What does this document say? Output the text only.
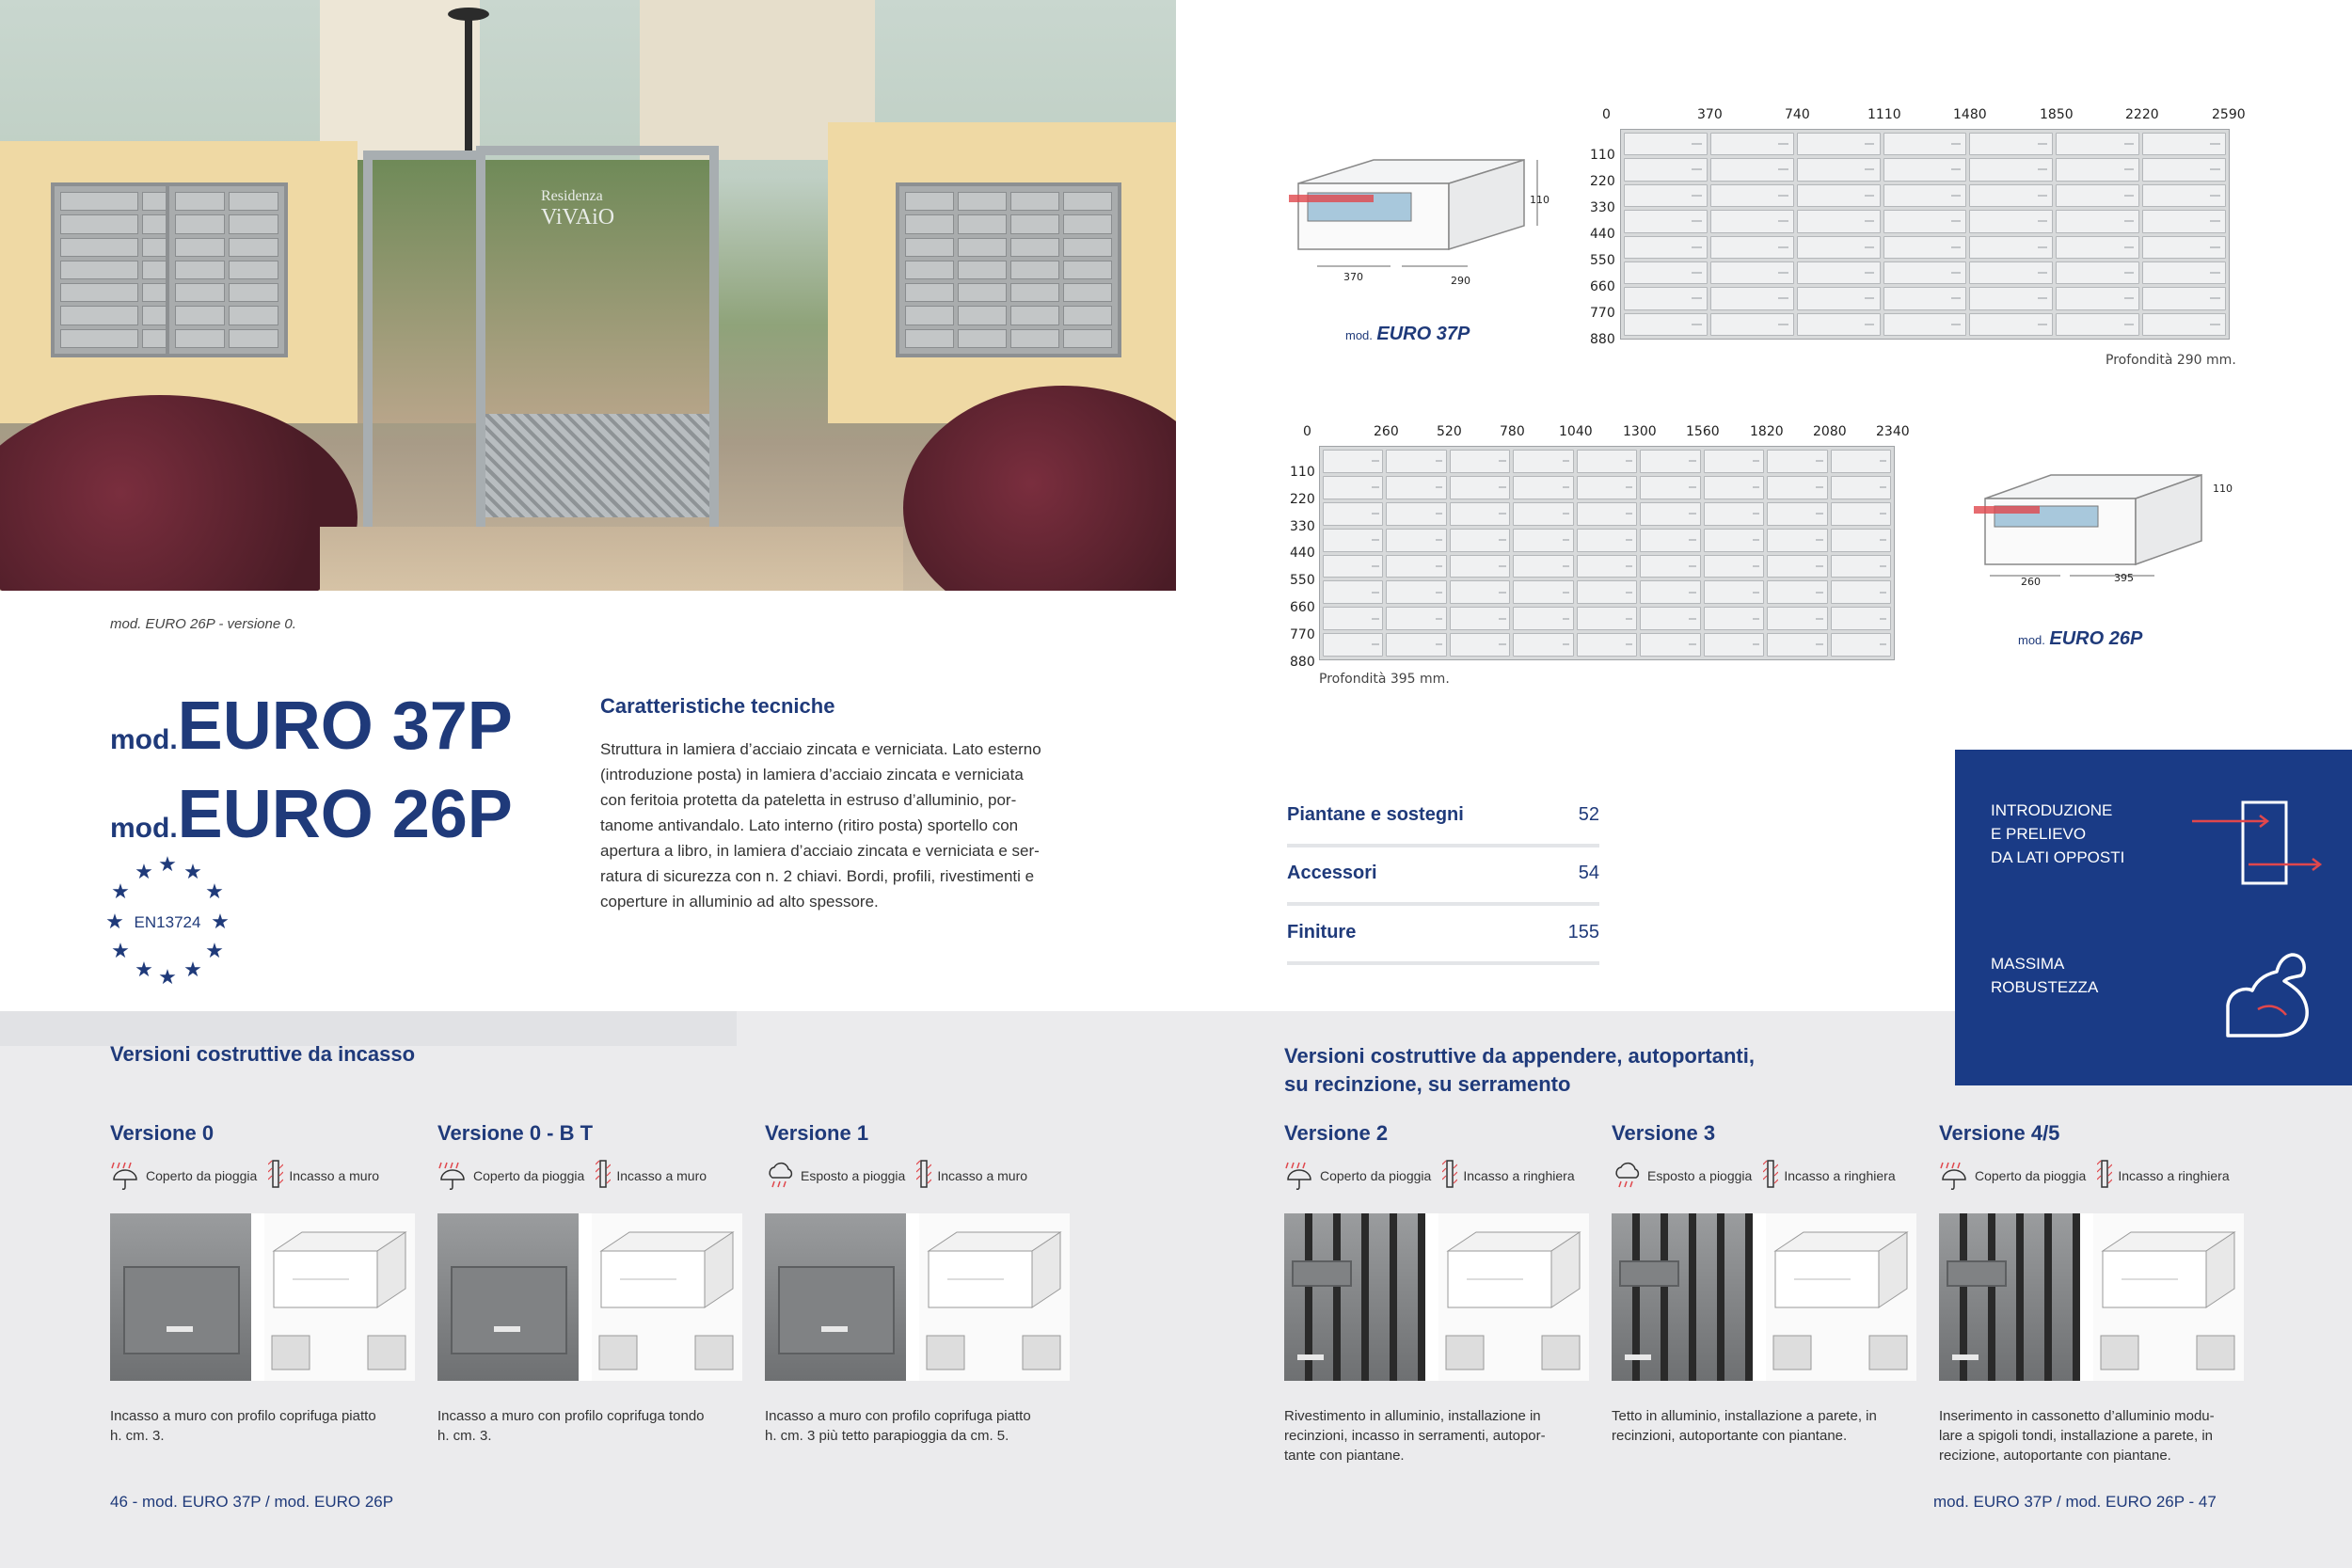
Residenza
ViVAiO
mod. EURO 26P - versione 0.
mod.EURO 37P
mod.EURO 26P
★ ★
★
★	★
★	★
★	★
★ ★
★
EN13724
Caratteristiche tecniche
Struttura in lamiera d’acciaio zincata e verniciata. Lato esterno
(introduzione posta) in lamiera d’acciaio zincata e verniciata
con feritoia protetta da pateletta in estruso d’alluminio, por-
tanome antivandalo. Lato interno (ritiro posta) sportello con
apertura a libro, in lamiera d’acciaio zincata e verniciata e ser-
ratura di sicurezza con n. 2 chiavi. Bordi, profili, rivestimenti e
coperture in alluminio ad alto spessore.
0	370	740	1110	1480	1850	2220	2590
110
220
330
440
550
660
770
880
Profondità 290 mm.
370	290
110
mod. EURO 37P
0	260	520	780	1040 1300 1560 1820 2080 2340
110
220
330
440
550
660
770
880
Profondità 395 mm.
260	395
110
mod. EURO 26P
Piantane e sostegni	52
Accessori	54
Finiture	155
INTRODUZIONE
E PRELIEVO
DA LATI OPPOSTI
MASSIMA
ROBUSTEZZA
Versioni costruttive da incasso	Versioni costruttive da appendere, autoportanti,
su recinzione, su serramento
Versione 0
Coperto da pioggia Incasso a muro
Incasso a muro con profilo coprifuga piatto
h. cm. 3.
Versione 0 - B T
Coperto da pioggia Incasso a muro
Incasso a muro con profilo coprifuga tondo
h. cm. 3.
Versione 1
Esposto a pioggia Incasso a muro
Incasso a muro con profilo coprifuga piatto
h. cm. 3 più tetto parapioggia da cm. 5.
Versione 2
Coperto da pioggia Incasso a ringhiera
Rivestimento in alluminio, installazione in
recinzioni, incasso in serramenti, autopor-
tante con piantane.
Versione 3
Esposto a pioggia Incasso a ringhiera
Tetto in alluminio, installazione a parete, in
recinzioni, autoportante con piantane.
Versione 4/5
Coperto da pioggia Incasso a ringhiera
Inserimento in cassonetto d’alluminio modu-
lare a spigoli tondi, installazione a parete, in
recizione, autoportante con piantane.
46 - mod. EURO 37P / mod. EURO 26P	mod. EURO 37P / mod. EURO 26P - 47
